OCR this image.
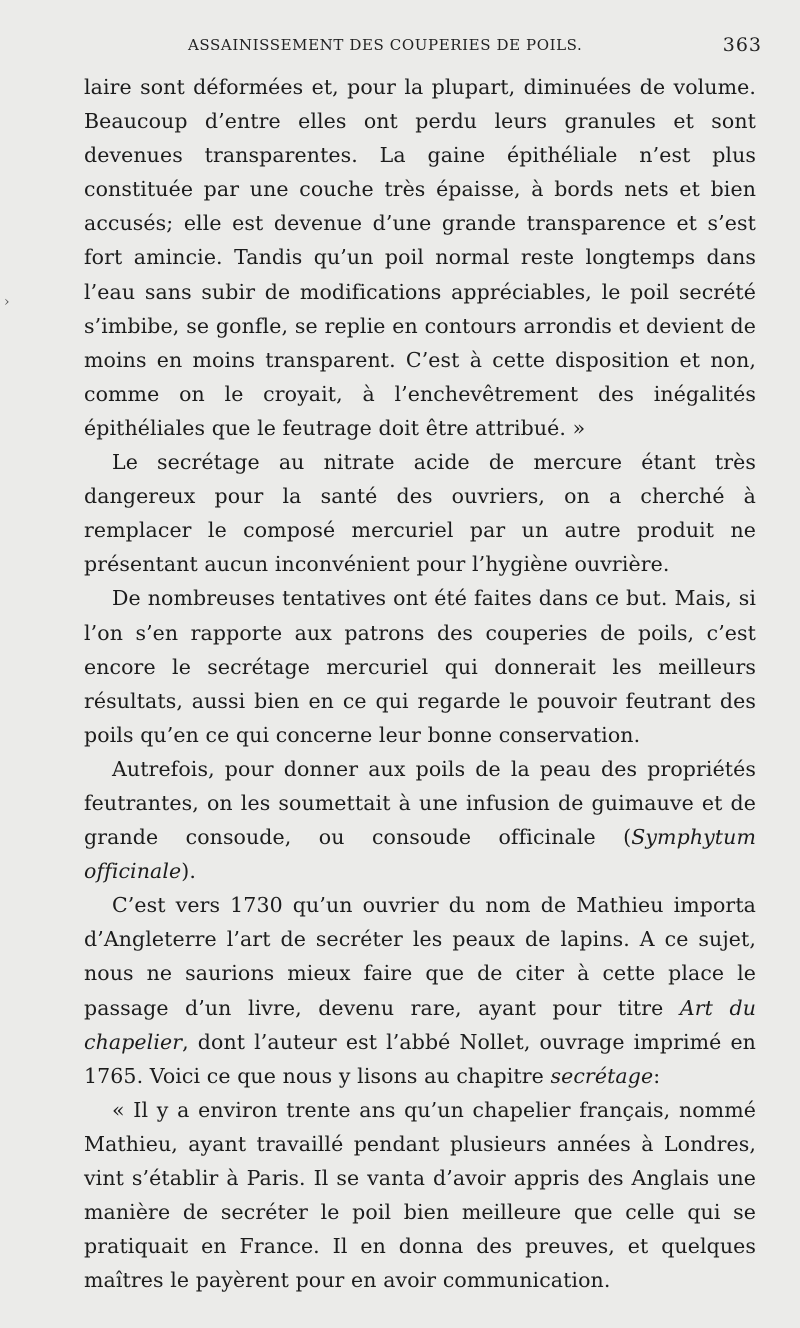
ASSAINISSEMENT DES COUPERIES DE POILS.	363
›

laire sont déformées et, pour la plupart, diminuées de volume. Beaucoup d’entre elles ont perdu leurs granules et sont devenues transparentes. La gaine épithéliale n’est plus constituée par une couche très épaisse, à bords nets et bien accusés; elle est devenue d’une grande transparence et s’est fort amincie. Tandis qu’un poil normal reste longtemps dans l’eau sans subir de modifications appréciables, le poil secrété s’imbibe, se gonfle, se replie en contours arrondis et devient de moins en moins transparent. C’est à cette disposition et non, comme on le croyait, à l’enchevêtrement des inégalités épithéliales que le feutrage doit être attribué. »

Le secrétage au nitrate acide de mercure étant très dangereux pour la santé des ouvriers, on a cherché à remplacer le composé mercuriel par un autre produit ne présentant aucun inconvénient pour l’hygiène ouvrière.

De nombreuses tentatives ont été faites dans ce but. Mais, si l’on s’en rapporte aux patrons des couperies de poils, c’est encore le secrétage mercuriel qui donnerait les meilleurs résultats, aussi bien en ce qui regarde le pouvoir feutrant des poils qu’en ce qui concerne leur bonne conservation.

Autrefois, pour donner aux poils de la peau des propriétés feutrantes, on les soumettait à une infusion de guimauve et de grande consoude, ou consoude officinale (Symphytum officinale).

C’est vers 1730 qu’un ouvrier du nom de Mathieu importa d’Angleterre l’art de secréter les peaux de lapins. A ce sujet, nous ne saurions mieux faire que de citer à cette place le passage d’un livre, devenu rare, ayant pour titre Art du chapelier, dont l’auteur est l’abbé Nollet, ouvrage imprimé en 1765. Voici ce que nous y lisons au chapitre secrétage:

« Il y a environ trente ans qu’un chapelier français, nommé Mathieu, ayant travaillé pendant plusieurs années à Londres, vint s’établir à Paris. Il se vanta d’avoir appris des Anglais une manière de secréter le poil bien meilleure que celle qui se pratiquait en France. Il en donna des preuves, et quelques maîtres le payèrent pour en avoir communication.
